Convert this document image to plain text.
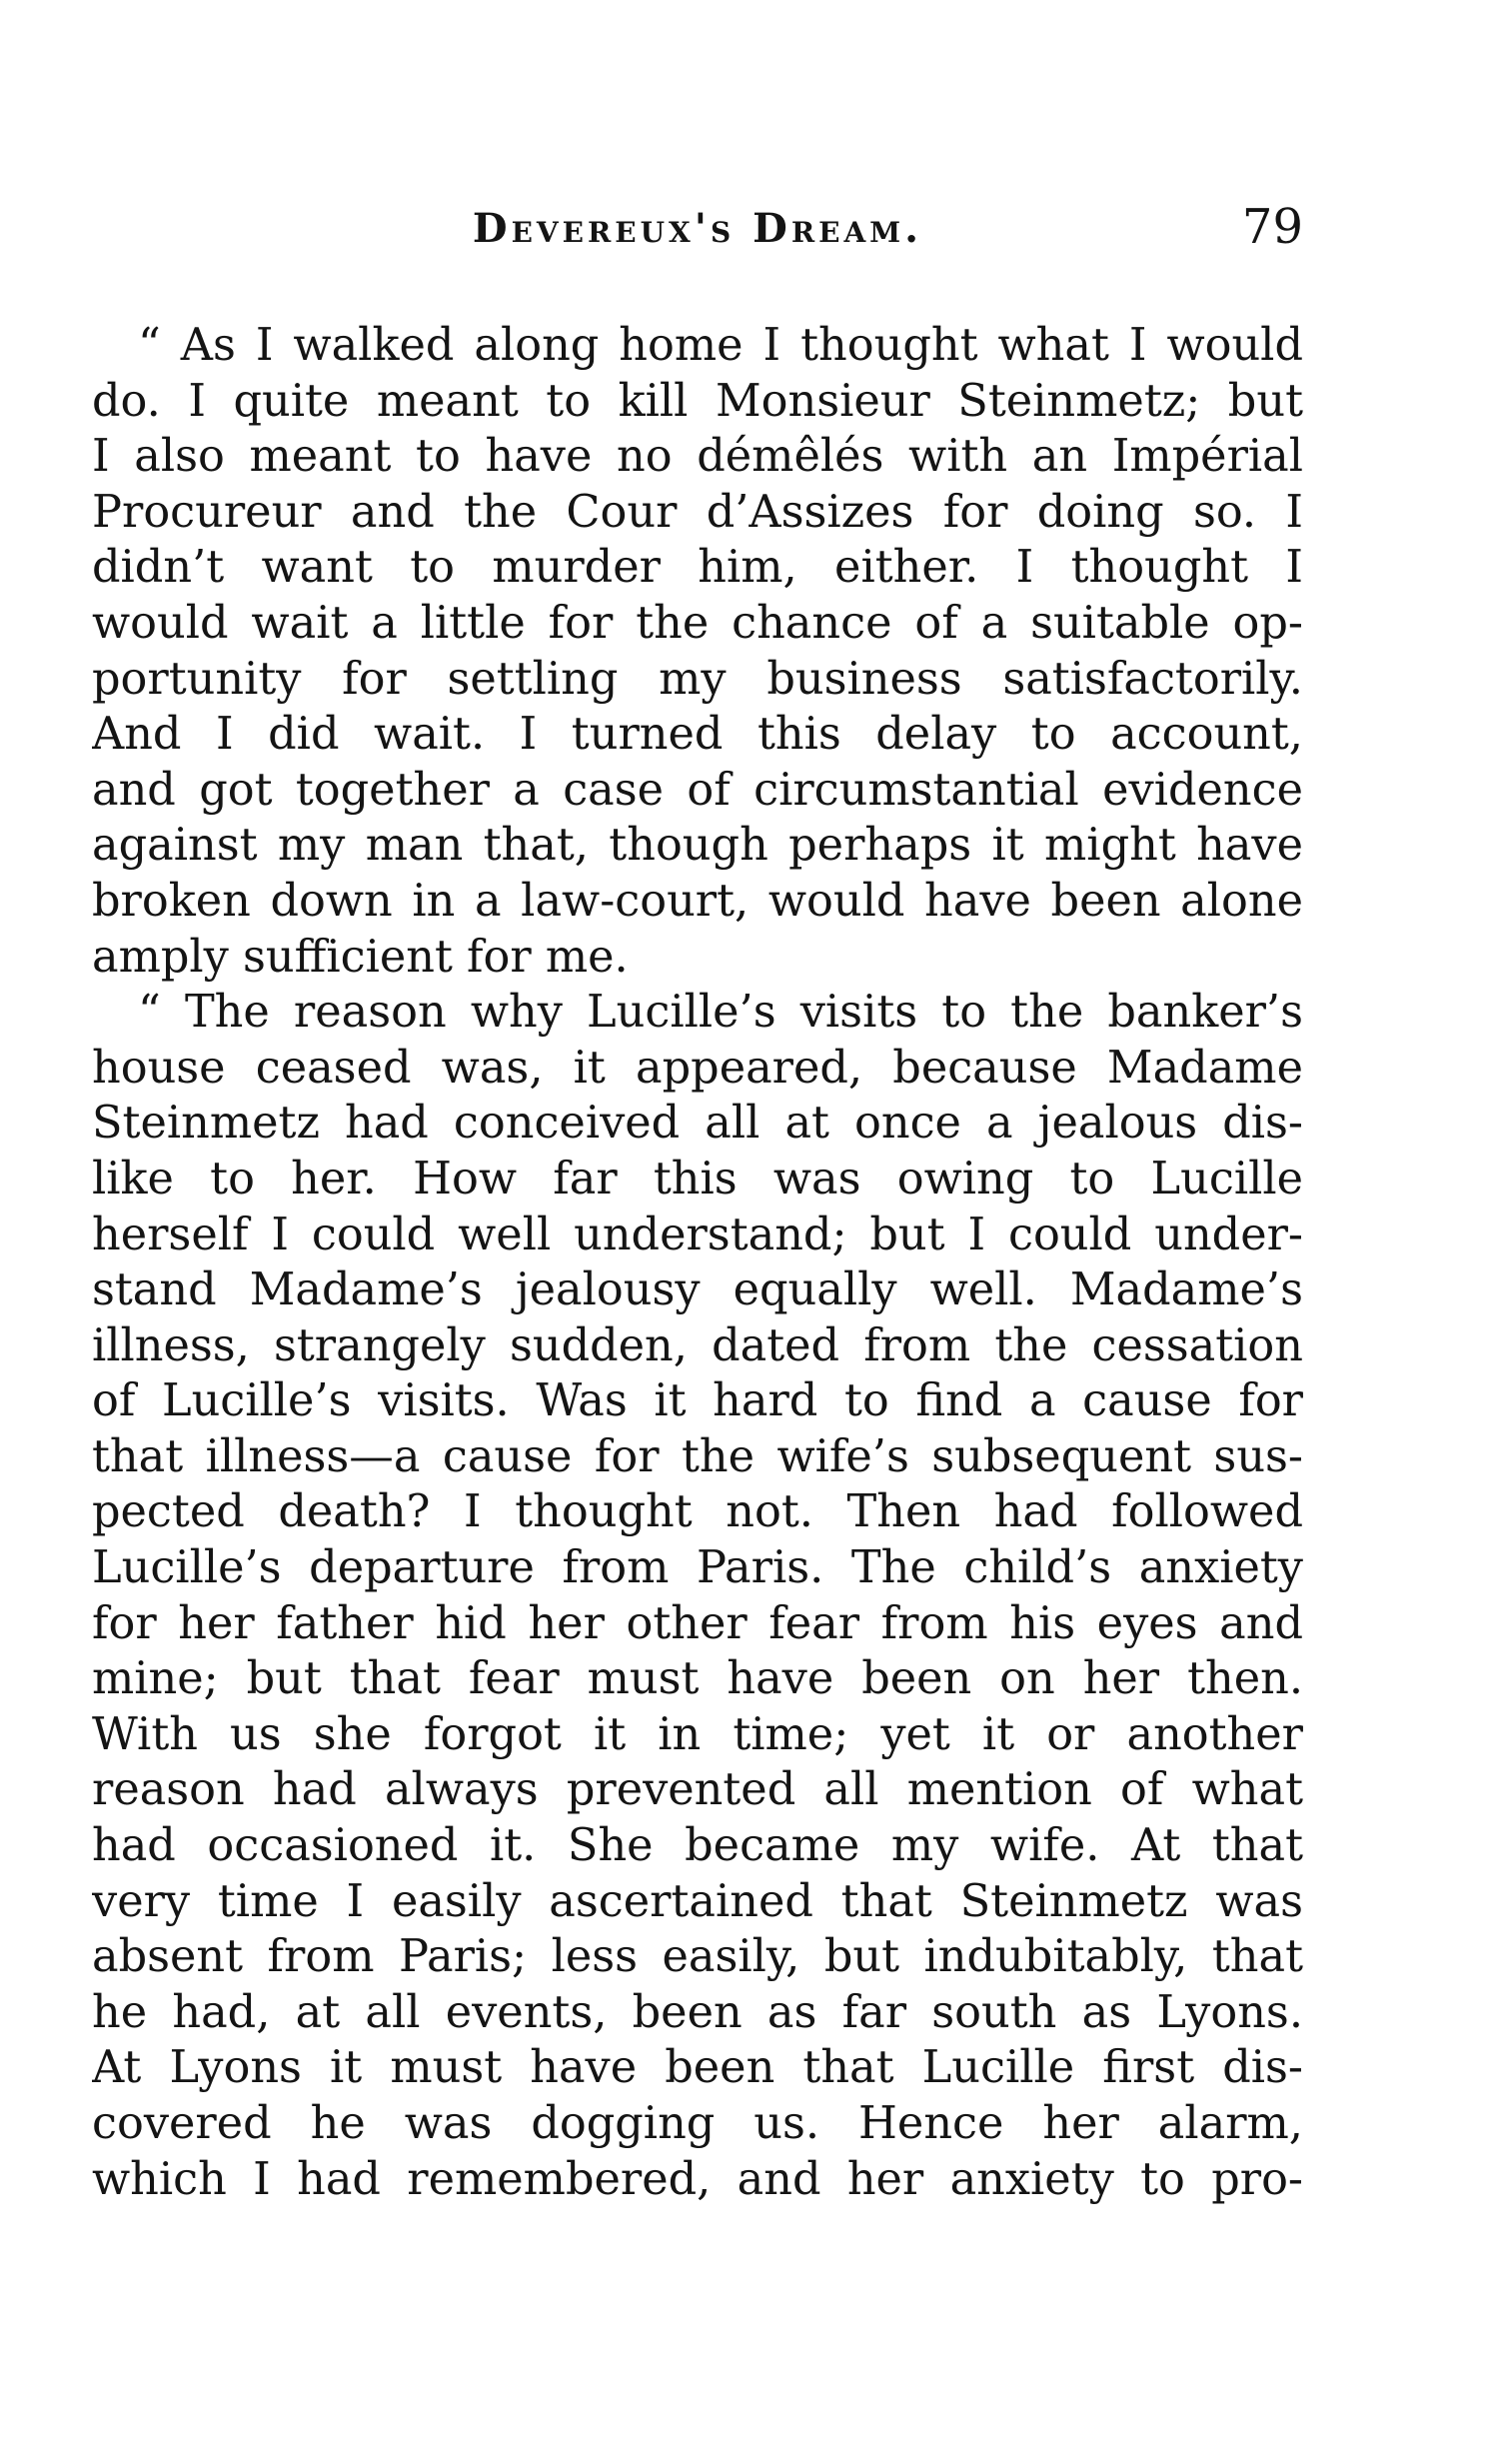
Devereux's Dream.	79
“ As I walked along home I thought what I would
do. I quite meant to kill Monsieur Steinmetz; but
I also meant to have no démêlés with an Impérial
Procureur and the Cour d’Assizes for doing so. I
didn’t want to murder him, either. I thought I
would wait a little for the chance of a suitable op-
portunity for settling my business satisfactorily.
And I did wait. I turned this delay to account,
and got together a case of circumstantial evidence
against my man that, though perhaps it might have
broken down in a law-court, would have been alone
amply sufficient for me.
“ The reason why Lucille’s visits to the banker’s
house ceased was, it appeared, because Madame
Steinmetz had conceived all at once a jealous dis-
like to her. How far this was owing to Lucille
herself I could well understand; but I could under-
stand Madame’s jealousy equally well. Madame’s
illness, strangely sudden, dated from the cessation
of Lucille’s visits. Was it hard to find a cause for
that illness—a cause for the wife’s subsequent sus-
pected death? I thought not. Then had followed
Lucille’s departure from Paris. The child’s anxiety
for her father hid her other fear from his eyes and
mine; but that fear must have been on her then.
With us she forgot it in time; yet it or another
reason had always prevented all mention of what
had occasioned it. She became my wife. At that
very time I easily ascertained that Steinmetz was
absent from Paris; less easily, but indubitably, that
he had, at all events, been as far south as Lyons.
At Lyons it must have been that Lucille first dis-
covered he was dogging us. Hence her alarm,
which I had remembered, and her anxiety to pro-
